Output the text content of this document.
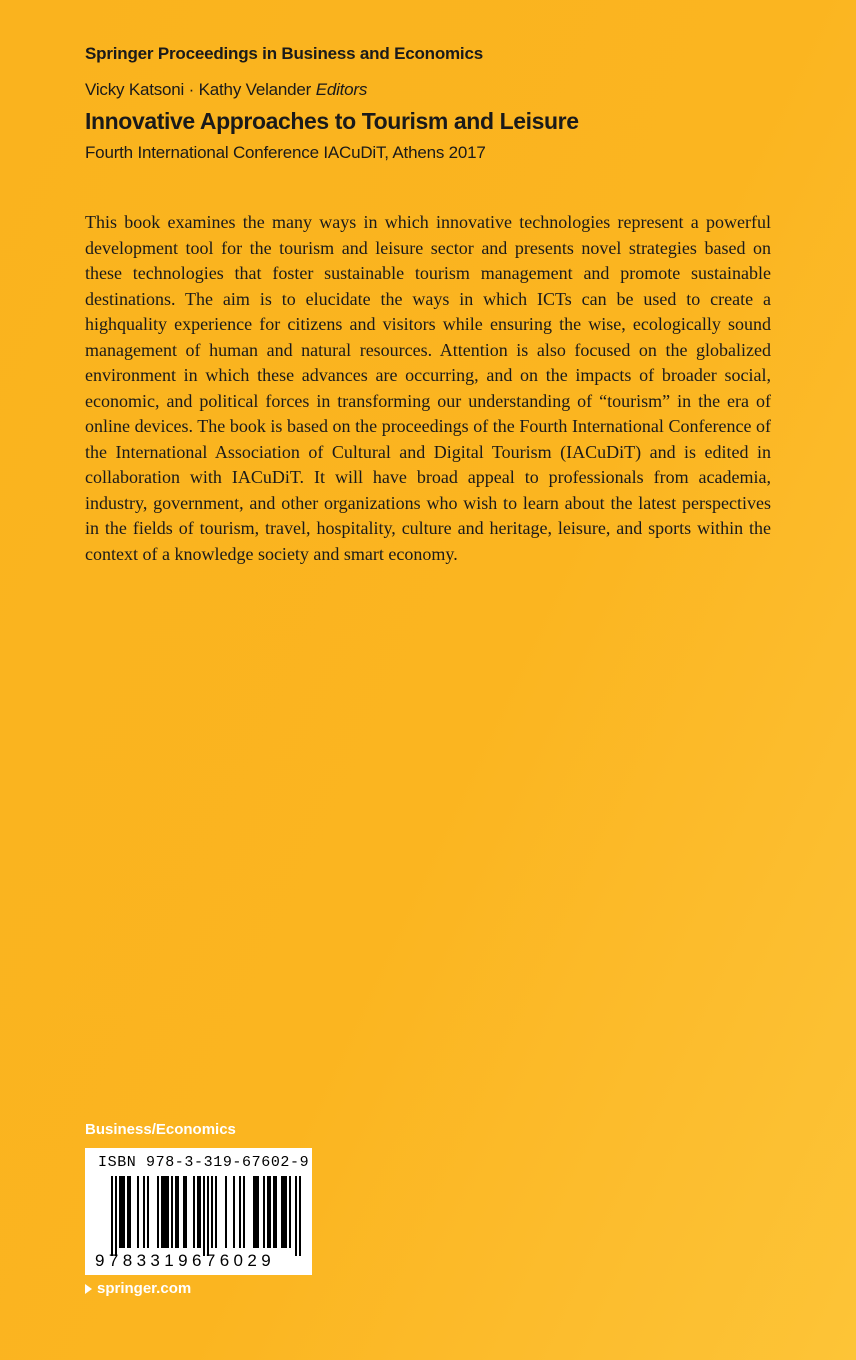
Springer Proceedings in Business and Economics
Vicky Katsoni · Kathy Velander Editors
Innovative Approaches to Tourism and Leisure
Fourth International Conference IACuDiT, Athens 2017

This book examines the many ways in which innovative technologies represent a powerful development tool for the tourism and leisure sector and presents novel strategies based on these technologies that foster sustainable tourism management and promote sustainable destinations. The aim is to elucidate the ways in which ICTs can be used to create a highquality experience for citizens and visitors while ensuring the wise, ecologically sound management of human and natural resources. Attention is also focused on the globalized environment in which these advances are occurring, and on the impacts of broader social, economic, and political forces in transforming our understanding of “tourism” in the era of online devices. The book is based on the proceedings of the Fourth International Conference of the International Association of Cultural and Digital Tourism (IACuDiT) and is edited in collaboration with IACuDiT. It will have broad appeal to professionals from academia, industry, government, and other organizations who wish to learn about the latest perspectives in the fields of tourism, travel, hospitality, culture and heritage, leisure, and sports within the context of a knowledge society and smart economy.

Business/Economics
ISBN 978-3-319-67602-9
9783319676029
springer.com
